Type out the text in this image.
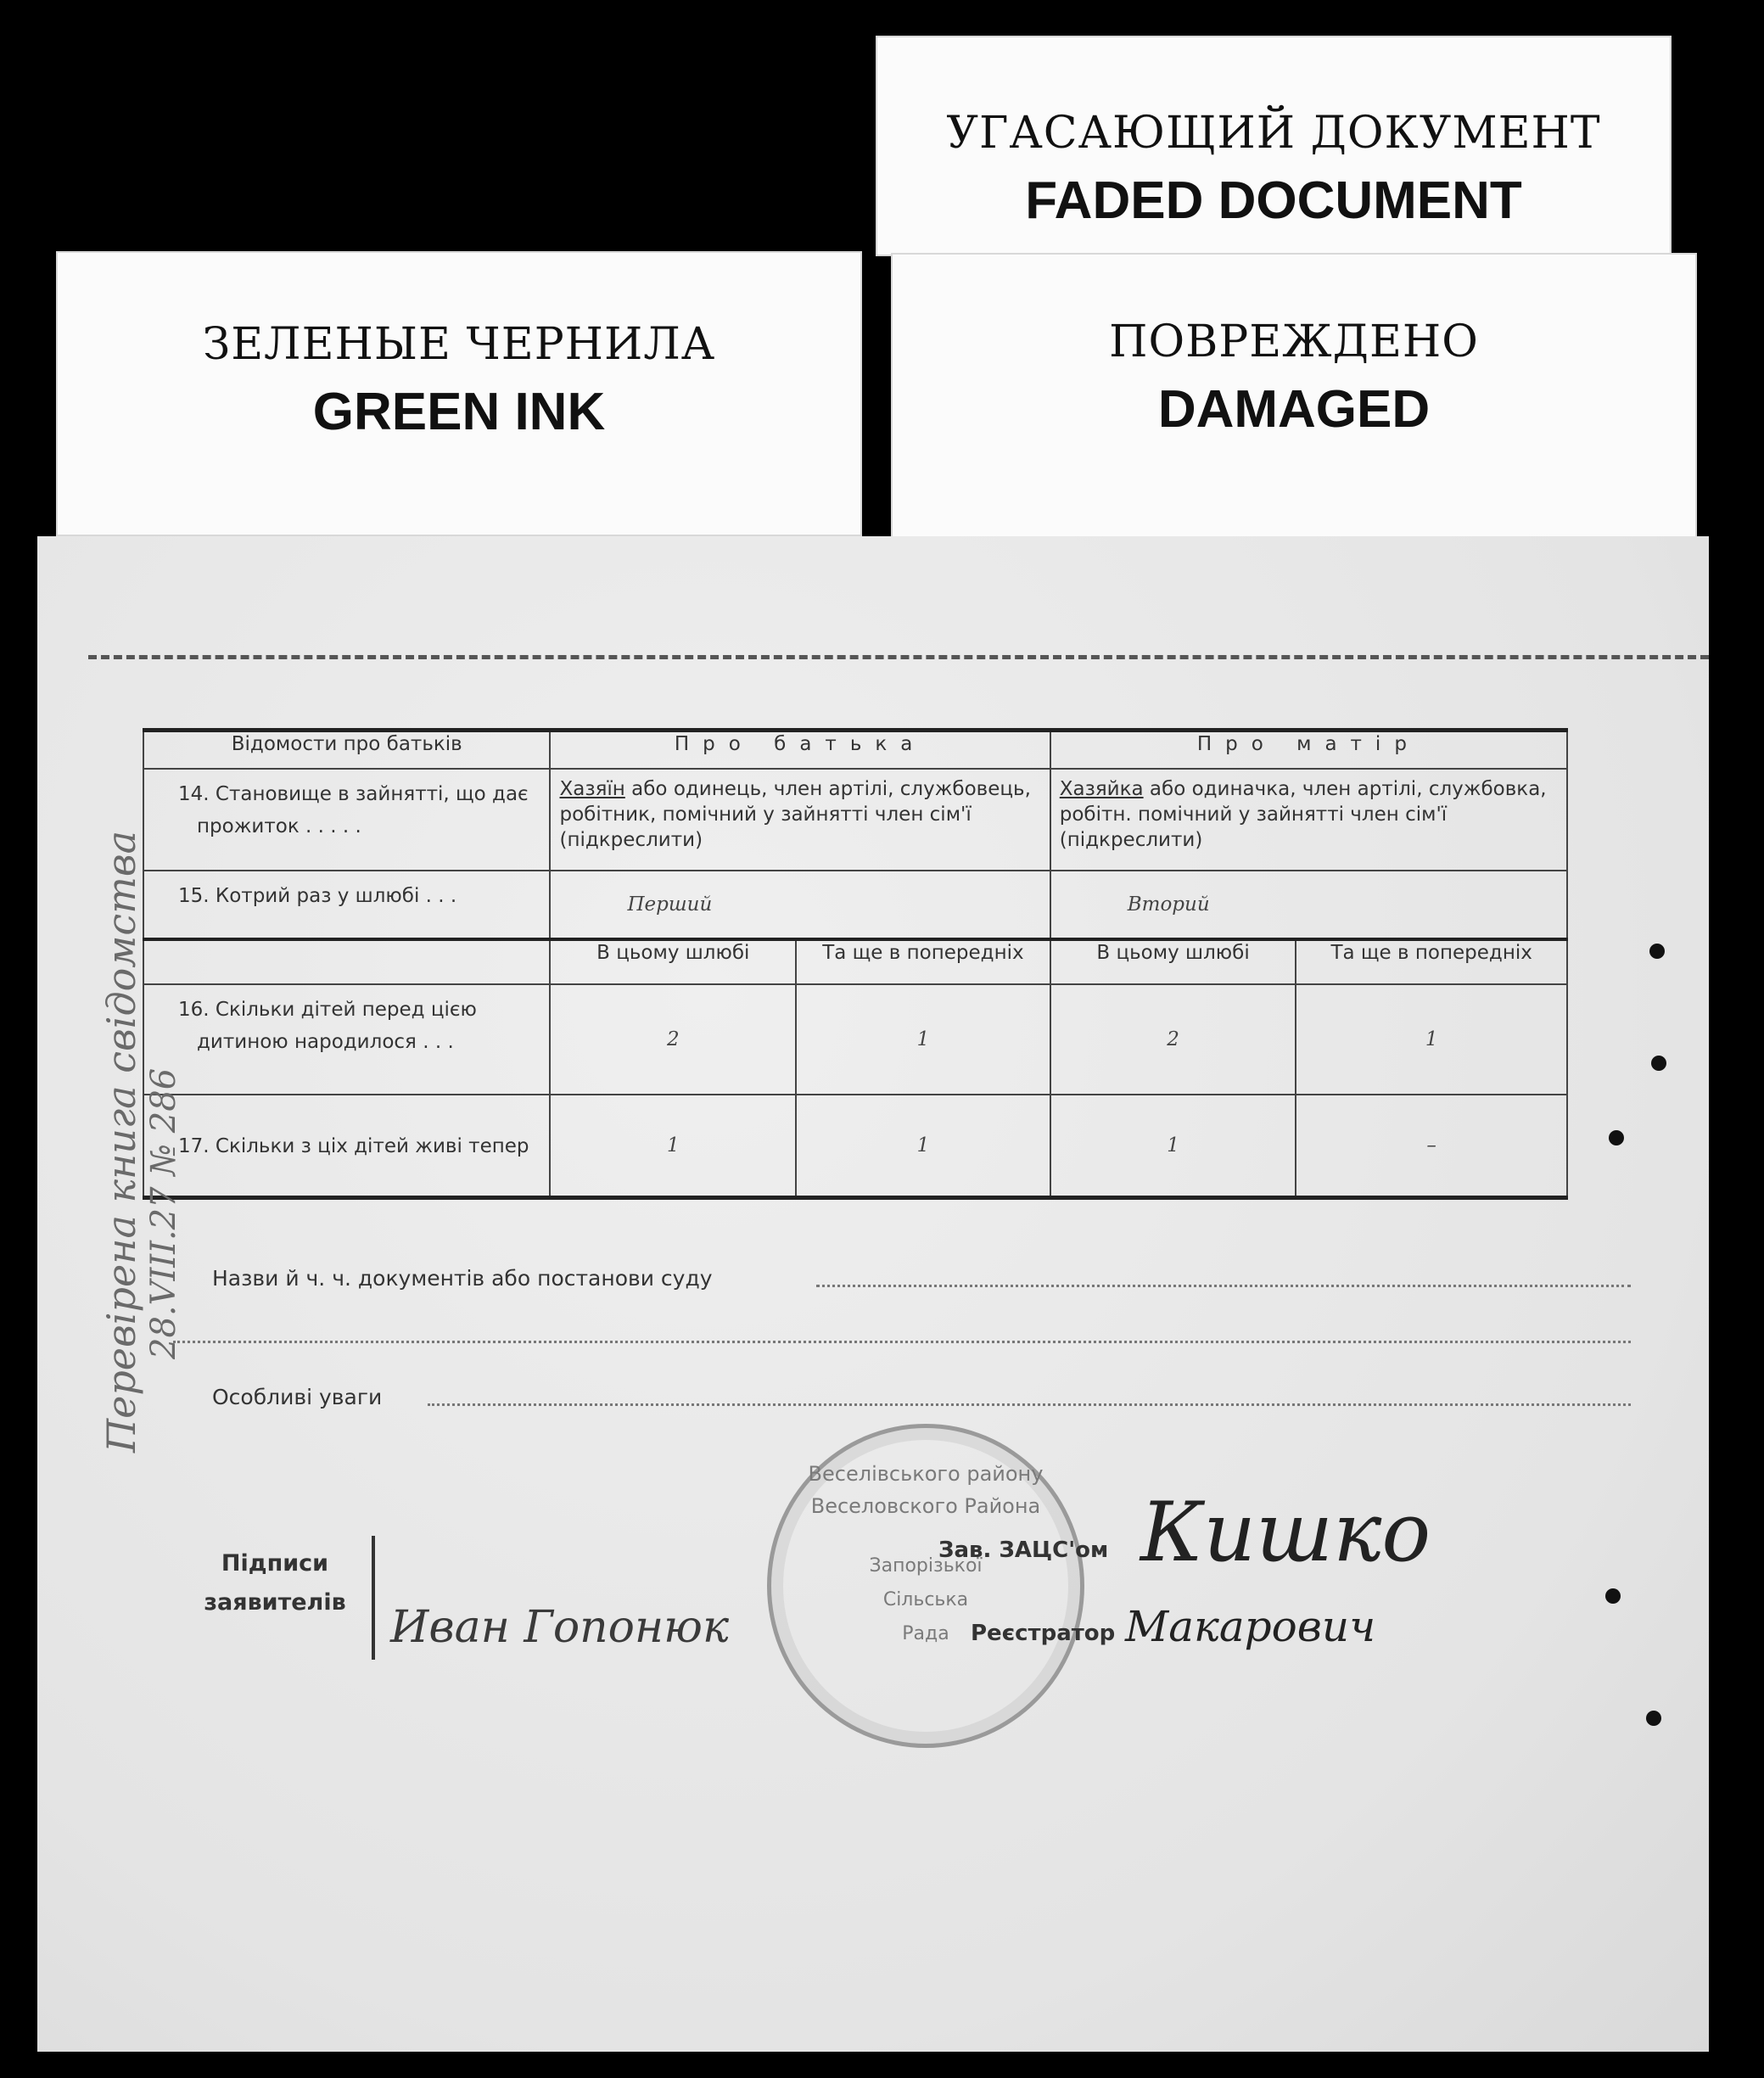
УГАСАЮЩИЙ ДОКУМЕНТ
FADED DOCUMENT
ЗЕЛЕНЫЕ ЧЕРНИЛА
GREEN INK
ПОВРЕЖДЕНО
DAMAGED
Відомости про батьків	Про батька		Про матір	
14. Становище в зайнятті, що дає прожиток . . . . .	Хазяїн або одинець, член артілі, службовець, робітник, помічний у зайнятті член сім'ї (підкреслити)		Хазяйка або одиначка, член артілі, службовка, робітн. помічний у зайнятті член сім'ї (підкреслити)	
15. Котрий раз у шлюбі . . .	Перший		Вторий	
	В цьому шлюбі	Та ще в попередніх	В цьому шлюбі	Та ще в попередніх
16. Скільки дітей перед цією дитиною народилося . . .	2	1	2	1
17. Скільки з ціх дітей живі тепер	1	1	1	–
Назви й ч. ч. документів або постанови суду
Особливі уваги
Веселівського району
Веселовского Района
Запорізької
Сільська
Рада
Підписи
заявителів	Иван Гопонюк
Зав. ЗАЦС'ом Кишко
Реєстратор Макарович
Перевірена книга свідомства 28.VIII.27 № 286
